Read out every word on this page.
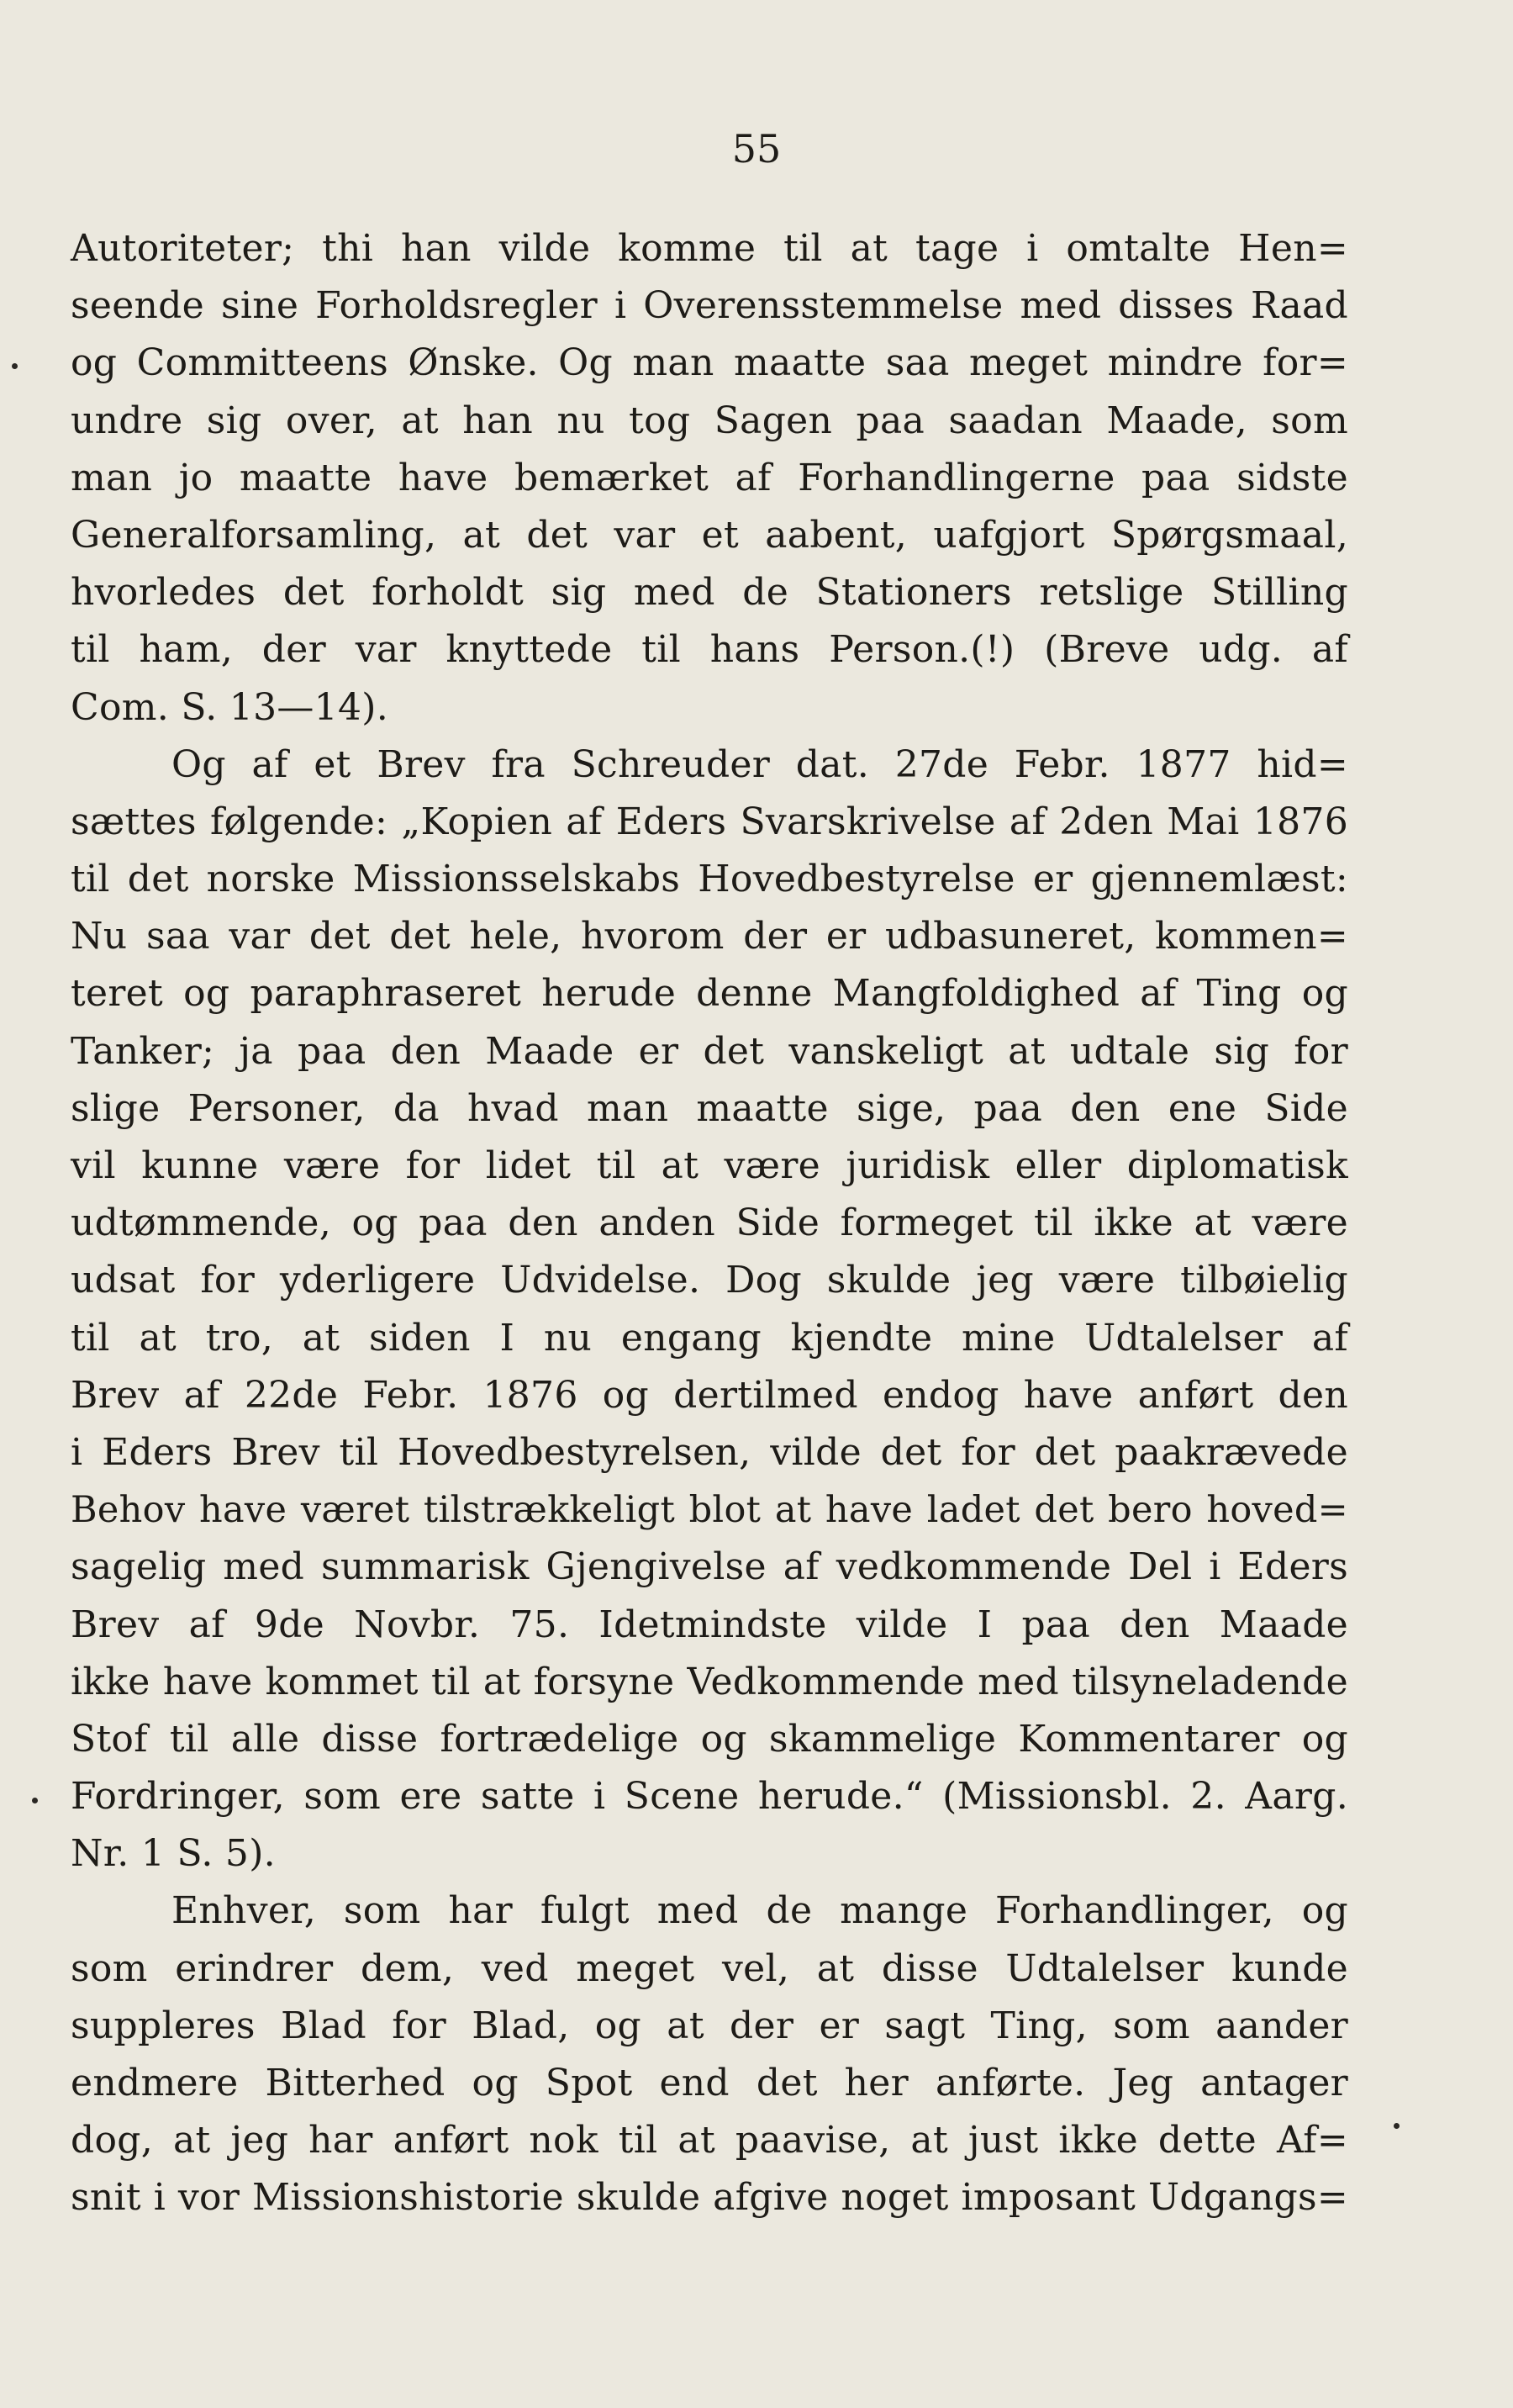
55
Autoriteter; thi han vilde komme til at tage i omtalte Hen=
seende sine Forholdsregler i Overensstemmelse med disses Raad
og Committeens Ønske. Og man maatte saa meget mindre for=
undre sig over, at han nu tog Sagen paa saadan Maade, som
man jo maatte have bemærket af Forhandlingerne paa sidste
Generalforsamling, at det var et aabent, uafgjort Spørgsmaal,
hvorledes det forholdt sig med de Stationers retslige Stilling
til ham, der var knyttede til hans Person.(!) (Breve udg. af
Com. S. 13—14).
Og af et Brev fra Schreuder dat. 27de Febr. 1877 hid=
sættes følgende: „Kopien af Eders Svarskrivelse af 2den Mai 1876
til det norske Missionsselskabs Hovedbestyrelse er gjennemlæst:
Nu saa var det det hele, hvorom der er udbasuneret, kommen=
teret og paraphraseret herude denne Mangfoldighed af Ting og
Tanker; ja paa den Maade er det vanskeligt at udtale sig for
slige Personer, da hvad man maatte sige, paa den ene Side
vil kunne være for lidet til at være juridisk eller diplomatisk
udtømmende, og paa den anden Side formeget til ikke at være
udsat for yderligere Udvidelse. Dog skulde jeg være tilbøielig
til at tro, at siden I nu engang kjendte mine Udtalelser af
Brev af 22de Febr. 1876 og dertilmed endog have anført den
i Eders Brev til Hovedbestyrelsen, vilde det for det paakrævede
Behov have været tilstrækkeligt blot at have ladet det bero hoved=
sagelig med summarisk Gjengivelse af vedkommende Del i Eders
Brev af 9de Novbr. 75. Idetmindste vilde I paa den Maade
ikke have kommet til at forsyne Vedkommende med tilsyneladende
Stof til alle disse fortrædelige og skammelige Kommentarer og
Fordringer, som ere satte i Scene herude.“ (Missionsbl. 2. Aarg.
Nr. 1 S. 5).
Enhver, som har fulgt med de mange Forhandlinger, og
som erindrer dem, ved meget vel, at disse Udtalelser kunde
suppleres Blad for Blad, og at der er sagt Ting, som aander
endmere Bitterhed og Spot end det her anførte. Jeg antager
dog, at jeg har anført nok til at paavise, at just ikke dette Af=
snit i vor Missionshistorie skulde afgive noget imposant Udgangs=
